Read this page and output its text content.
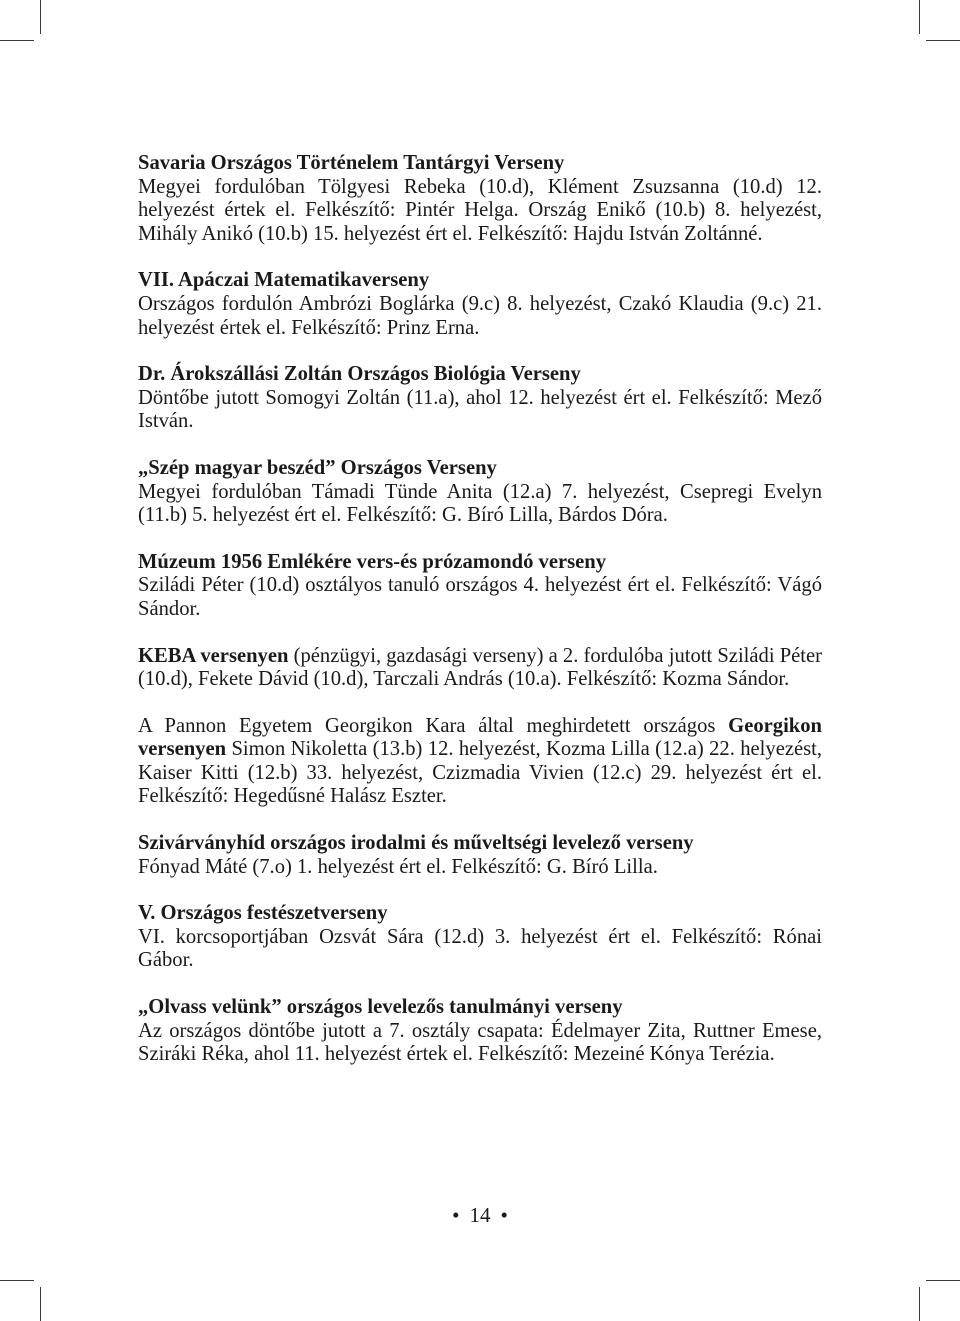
Savaria Országos Történelem Tantárgyi Verseny
Megyei fordulóban Tölgyesi Rebeka (10.d), Klément Zsuzsanna (10.d) 12. helyezést értek el. Felkészítő: Pintér Helga. Ország Enikő (10.b) 8. helyezést, Mihály Anikó (10.b) 15. helyezést ért el. Felkészítő: Hajdu István Zoltánné.
VII. Apáczai Matematikaverseny
Országos fordulón Ambrózi Boglárka (9.c) 8. helyezést, Czakó Klaudia (9.c) 21. helyezést értek el. Felkészítő: Prinz Erna.
Dr. Árokszállási Zoltán Országos Biológia Verseny
Döntőbe jutott Somogyi Zoltán (11.a), ahol 12. helyezést ért el. Felkészítő: Mező István.
„Szép magyar beszéd” Országos Verseny
Megyei fordulóban Támadi Tünde Anita (12.a) 7. helyezést, Csepregi Evelyn (11.b) 5. helyezést ért el. Felkészítő: G. Bíró Lilla, Bárdos Dóra.
Múzeum 1956 Emlékére vers-és prózamondó verseny
Sziládi Péter (10.d) osztályos tanuló országos 4. helyezést ért el. Felkészítő: Vágó Sándor.
KEBA versenyen (pénzügyi, gazdasági verseny) a 2. fordulóba jutott Sziládi Péter (10.d), Fekete Dávid (10.d), Tarczali András (10.a). Felkészítő: Kozma Sándor.
A Pannon Egyetem Georgikon Kara által meghirdetett országos Georgikon versenyen Simon Nikoletta (13.b) 12. helyezést, Kozma Lilla (12.a) 22. helyezést, Kaiser Kitti (12.b) 33. helyezést, Czizmadia Vivien (12.c) 29. helyezést ért el. Felkészítő: Hegedűsné Halász Eszter.
Szivárványhíd országos irodalmi és műveltségi levelező verseny
Fónyad Máté (7.o) 1. helyezést ért el. Felkészítő: G. Bíró Lilla.
V. Országos festészetverseny
VI. korcsoportjában Ozsvát Sára (12.d) 3. helyezést ért el. Felkészítő: Rónai Gábor.
„Olvass velünk” országos levelezős tanulmányi verseny
Az országos döntőbe jutott a 7. osztály csapata: Édelmayer Zita, Ruttner Emese, Sziráki Réka, ahol 11. helyezést értek el. Felkészítő: Mezeiné Kónya Terézia.
• 14 •
